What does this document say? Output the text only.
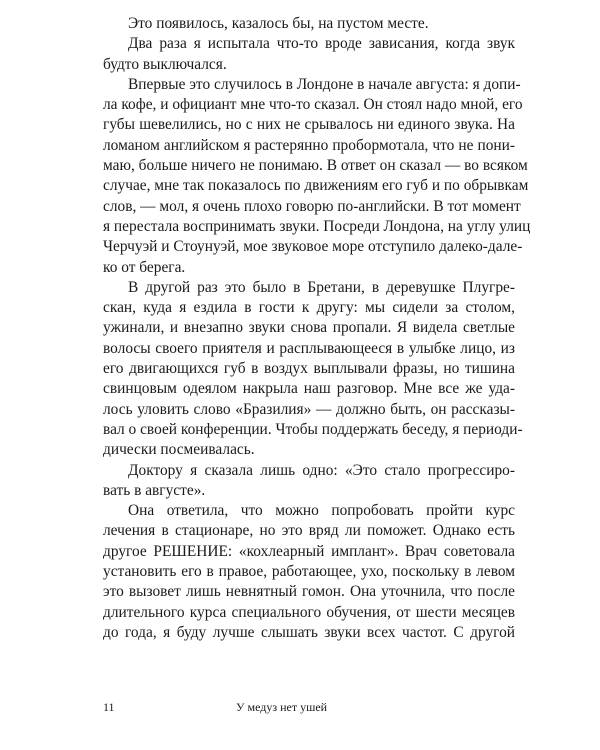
Это появилось, казалось бы, на пустом месте.
Два раза я испытала что-то вроде зависания, когда звук
будто выключался.
Впервые это случилось в Лондоне в начале августа: я допи-
ла кофе, и официант мне что-то сказал. Он стоял надо мной, его
губы шевелились, но с них не срывалось ни единого звука. На
ломаном английском я растерянно пробормотала, что не пони-
маю, больше ничего не понимаю. В ответ он сказал — во всяком
случае, мне так показалось по движениям его губ и по обрывкам
слов, — мол, я очень плохо говорю по-английски. В тот момент
я перестала воспринимать звуки. Посреди Лондона, на углу улиц
Черчуэй и Стоунуэй, мое звуковое море отступило далеко-дале-
ко от берега.
В другой раз это было в Бретани, в деревушке Плугре-
скан, куда я ездила в гости к другу: мы сидели за столом,
ужинали, и внезапно звуки снова пропали. Я видела светлые
волосы своего приятеля и расплывающееся в улыбке лицо, из
его двигающихся губ в воздух выплывали фразы, но тишина
свинцовым одеялом накрыла наш разговор. Мне все же уда-
лось уловить слово «Бразилия» — должно быть, он рассказы-
вал о своей конференции. Чтобы поддержать беседу, я периоди-
дически посмеивалась.
Доктору я сказала лишь одно: «Это стало прогрессиро-
вать в августе».
Она ответила, что можно попробовать пройти курс
лечения в стационаре, но это вряд ли поможет. Однако есть
другое РЕШЕНИЕ: «кохлеарный имплант». Врач советовала
установить его в правое, работающее, ухо, поскольку в левом
это вызовет лишь невнятный гомон. Она уточнила, что после
длительного курса специального обучения, от шести месяцев
до года, я буду лучше слышать звуки всех частот. С другой
11	У медуз нет ушей
